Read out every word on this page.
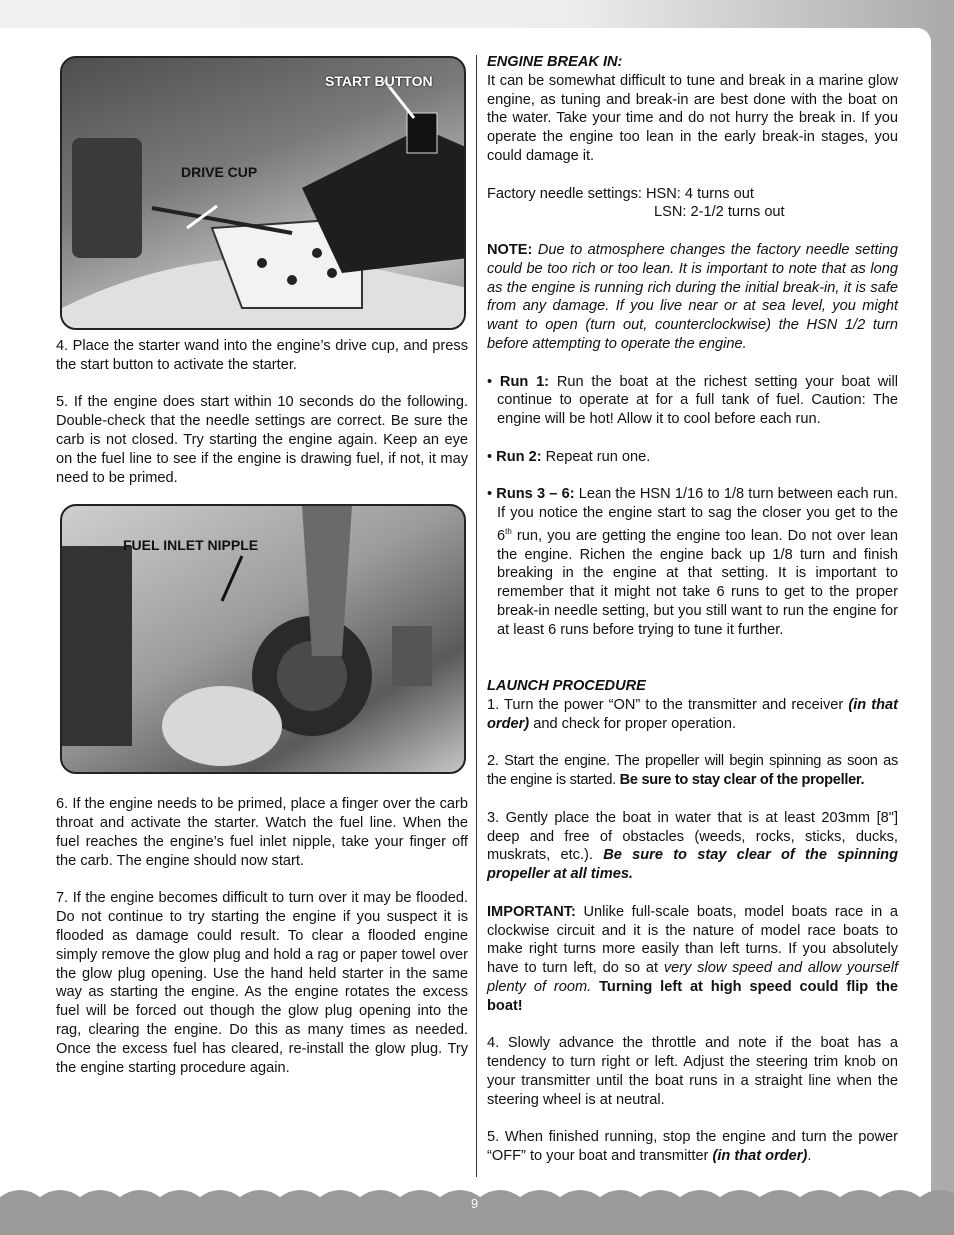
START BUTTON
DRIVE CUP
FUEL INLET NIPPLE

4. Place the starter wand into the engine’s drive cup, and press the start button to activate the starter.

5. If the engine does start within 10 seconds do the following. Double-check that the needle settings are correct. Be sure the carb is not closed. Try starting the engine again. Keep an eye on the fuel line to see if the engine is drawing fuel, if not, it may need to be primed.

6. If the engine needs to be primed, place a finger over the carb throat and activate the starter. Watch the fuel line. When the fuel reaches the engine’s fuel inlet nipple, take your finger off the carb. The engine should now start.

7. If the engine becomes difficult to turn over it may be flooded. Do not continue to try starting the engine if you suspect it is flooded as damage could result. To clear a flooded engine simply remove the glow plug and hold a rag or paper towel over the glow plug opening. Use the hand held starter in the same way as starting the engine. As the engine rotates the excess fuel will be forced out though the glow plug opening into the rag, clearing the engine. Do this as many times as needed. Once the excess fuel has cleared, re-install the glow plug. Try the engine starting procedure again.

ENGINE BREAK IN:

It can be somewhat difficult to tune and break in a marine glow engine, as tuning and break-in are best done with the boat on the water. Take your time and do not hurry the break in. If you operate the engine too lean in the early break-in stages, you could damage it.

Factory needle settings: HSN: 4 turns out
LSN: 2-1/2 turns out

NOTE: Due to atmosphere changes the factory needle setting could be too rich or too lean. It is important to note that as long as the engine is running rich during the initial break-in, it is safe from any damage. If you live near or at sea level, you might want to open (turn out, counterclockwise) the HSN 1/2 turn before attempting to operate the engine.

• Run 1: Run the boat at the richest setting your boat will continue to operate at for a full tank of fuel. Caution: The engine will be hot! Allow it to cool before each run.

• Run 2: Repeat run one.

• Runs 3 – 6: Lean the HSN 1/16 to 1/8 turn between each run. If you notice the engine start to sag the closer you get to the 6th run, you are getting the engine too lean. Do not over lean the engine. Richen the engine back up 1/8 turn and finish breaking in the engine at that setting. It is important to remember that it might not take 6 runs to get to the proper break-in needle setting, but you still want to run the engine for at least 6 runs before trying to tune it further.

LAUNCH PROCEDURE

1. Turn the power “ON” to the transmitter and receiver (in that order) and check for proper operation.

2. Start the engine. The propeller will begin spinning as soon as the engine is started. Be sure to stay clear of the propeller.

3. Gently place the boat in water that is at least 203mm [8"] deep and free of obstacles (weeds, rocks, sticks, ducks, muskrats, etc.). Be sure to stay clear of the spinning propeller at all times.

IMPORTANT: Unlike full-scale boats, model boats race in a clockwise circuit and it is the nature of model race boats to make right turns more easily than left turns. If you absolutely have to turn left, do so at very slow speed and allow yourself plenty of room. Turning left at high speed could flip the boat!

4. Slowly advance the throttle and note if the boat has a tendency to turn right or left. Adjust the steering trim knob on your transmitter until the boat runs in a straight line when the steering wheel is at neutral.

5. When finished running, stop the engine and turn the power “OFF” to your boat and transmitter (in that order).

9
